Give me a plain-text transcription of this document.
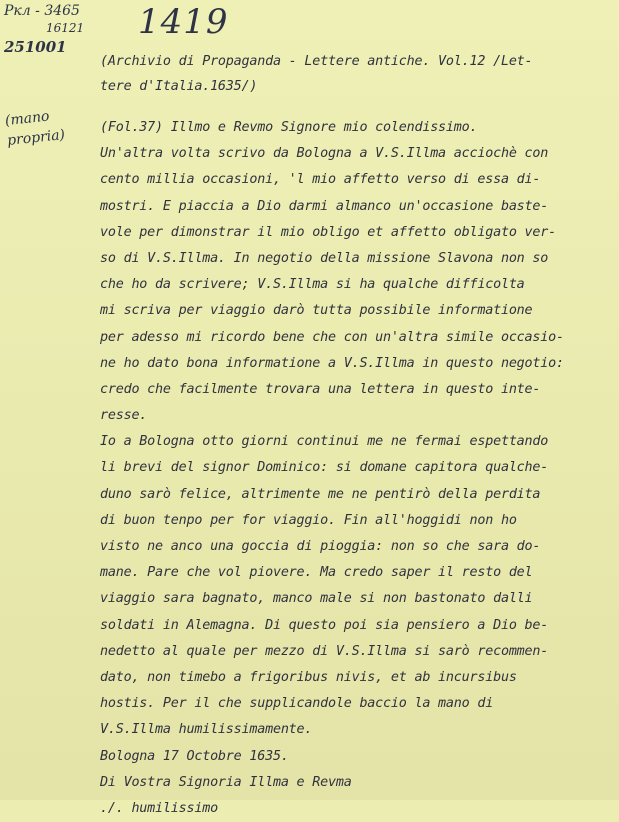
Pкл - 3465
16121
251001
1419
(mano
propria)
(Archivio di Propaganda - Lettere antiche. Vol.12 /Let-
tere d'Italia.1635/)
(Fol.37) Illmo e Revmo Signore mio colendissimo.
Un'altra volta scrivo da Bologna a V.S.Illma acciochè con
cento millia occasioni, 'l mio affetto verso di essa di-
mostri. E piaccia a Dio darmi almanco un'occasione baste-
vole per dimonstrar il mio obligo et affetto obligato ver-
so di V.S.Illma. In negotio della missione Slavona non so
che ho da scrivere; V.S.Illma si ha qualche difficolta
mi scriva per viaggio darò tutta possibile informatione
per adesso mi ricordo bene che con un'altra simile occasio-
ne ho dato bona informatione a V.S.Illma in questo negotio:
credo che facilmente trovara una lettera in questo inte-
resse.
Io a Bologna otto giorni continui me ne fermai espettando
li brevi del signor Dominico: si domane capitora qualche-
duno sarò felice, altrimente me ne pentirò della perdita
di buon tenpo per for viaggio. Fin all'hoggidi non ho
visto ne anco una goccia di pioggia: non so che sara do-
mane. Pare che vol piovere. Ma credo saper il resto del
viaggio sara bagnato, manco male si non bastonato dalli
soldati in Alemagna. Di questo poi sia pensiero a Dio be-
nedetto al quale per mezzo di V.S.Illma si sarò recommen-
dato, non timebo a frigoribus nivis, et ab incursibus
hostis. Per il che supplicandole baccio la mano di
V.S.Illma humilissimamente.
Bologna 17 Octobre 1635.
Di Vostra Signoria Illma e Revma
./. humilissimo
